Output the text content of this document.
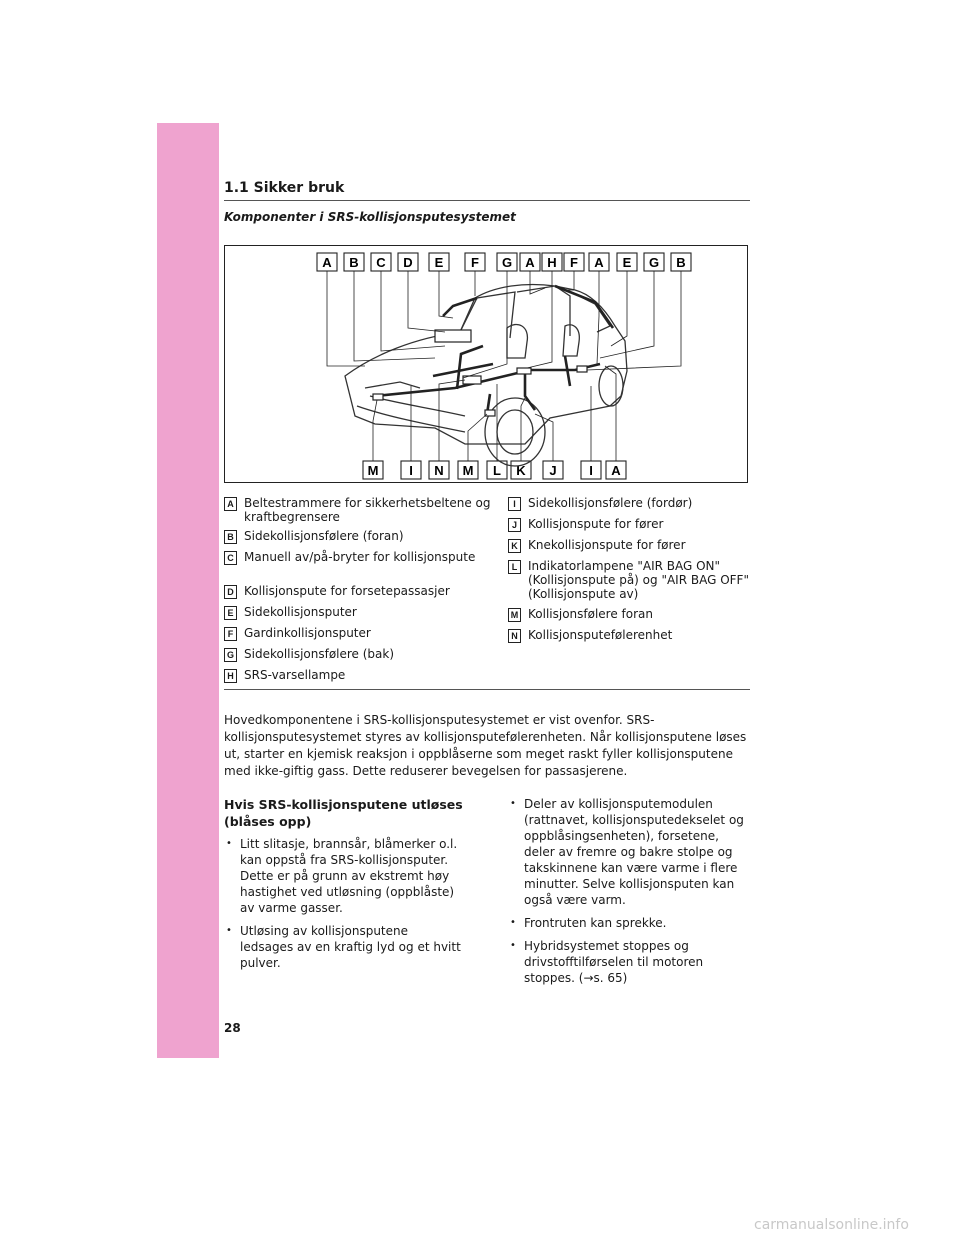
1.1 Sikker bruk
Komponenter i SRS-kollisjonsputesystemet
A B C D E F G A H F A E G B
M I N M L K J	I A
A Beltestrammere for sikkerhetsbeltene og kraftbegrensere
B Sidekollisjonsfølere (foran)
C Manuell av/på-bryter for kollisjonspute
D Kollisjonspute for forsetepassasjer
E Sidekollisjonsputer
F Gardinkollisjonsputer
G Sidekollisjonsfølere (bak)
H SRS-varsellampe
I	Sidekollisjonsfølere (fordør)
J Kollisjonspute for fører
K Knekollisjonspute for fører
L Indikatorlampene "AIR BAG ON" (Kollisjonspute på) og "AIR BAG OFF" (Kollisjonspute av)
M Kollisjonsfølere foran
N Kollisjonsputefølerenhet
Hovedkomponentene i SRS-kollisjonsputesystemet er vist ovenfor. SRS-kollisjonsputesystemet styres av kollisjonsputefølerenheten. Når kollisjonsputene løses ut, starter en kjemisk reaksjon i oppblåserne som meget raskt fyller kollisjonsputene med ikke-giftig gass. Dette reduserer bevegelsen for passasjerene.
Hvis SRS-kollisjonsputene utløses (blåses opp)
• Litt slitasje, brannsår, blåmerker o.l. kan oppstå fra SRS-kollisjonsputer. Dette er på grunn av ekstremt høy hastighet ved utløsning (oppblåste) av varme gasser.
• Utløsing av kollisjonsputene ledsages av en kraftig lyd og et hvitt pulver.
• Deler av kollisjonsputemodulen (rattnavet, kollisjonsputedekselet og oppblåsingsenheten), forsetene, deler av fremre og bakre stolpe og takskinnene kan være varme i flere minutter. Selve kollisjonsputen kan også være varm.
• Frontruten kan sprekke.
• Hybridsystemet stoppes og drivstofftilførselen til motoren stoppes. (→s. 65)
28
carmanualsonline.info
